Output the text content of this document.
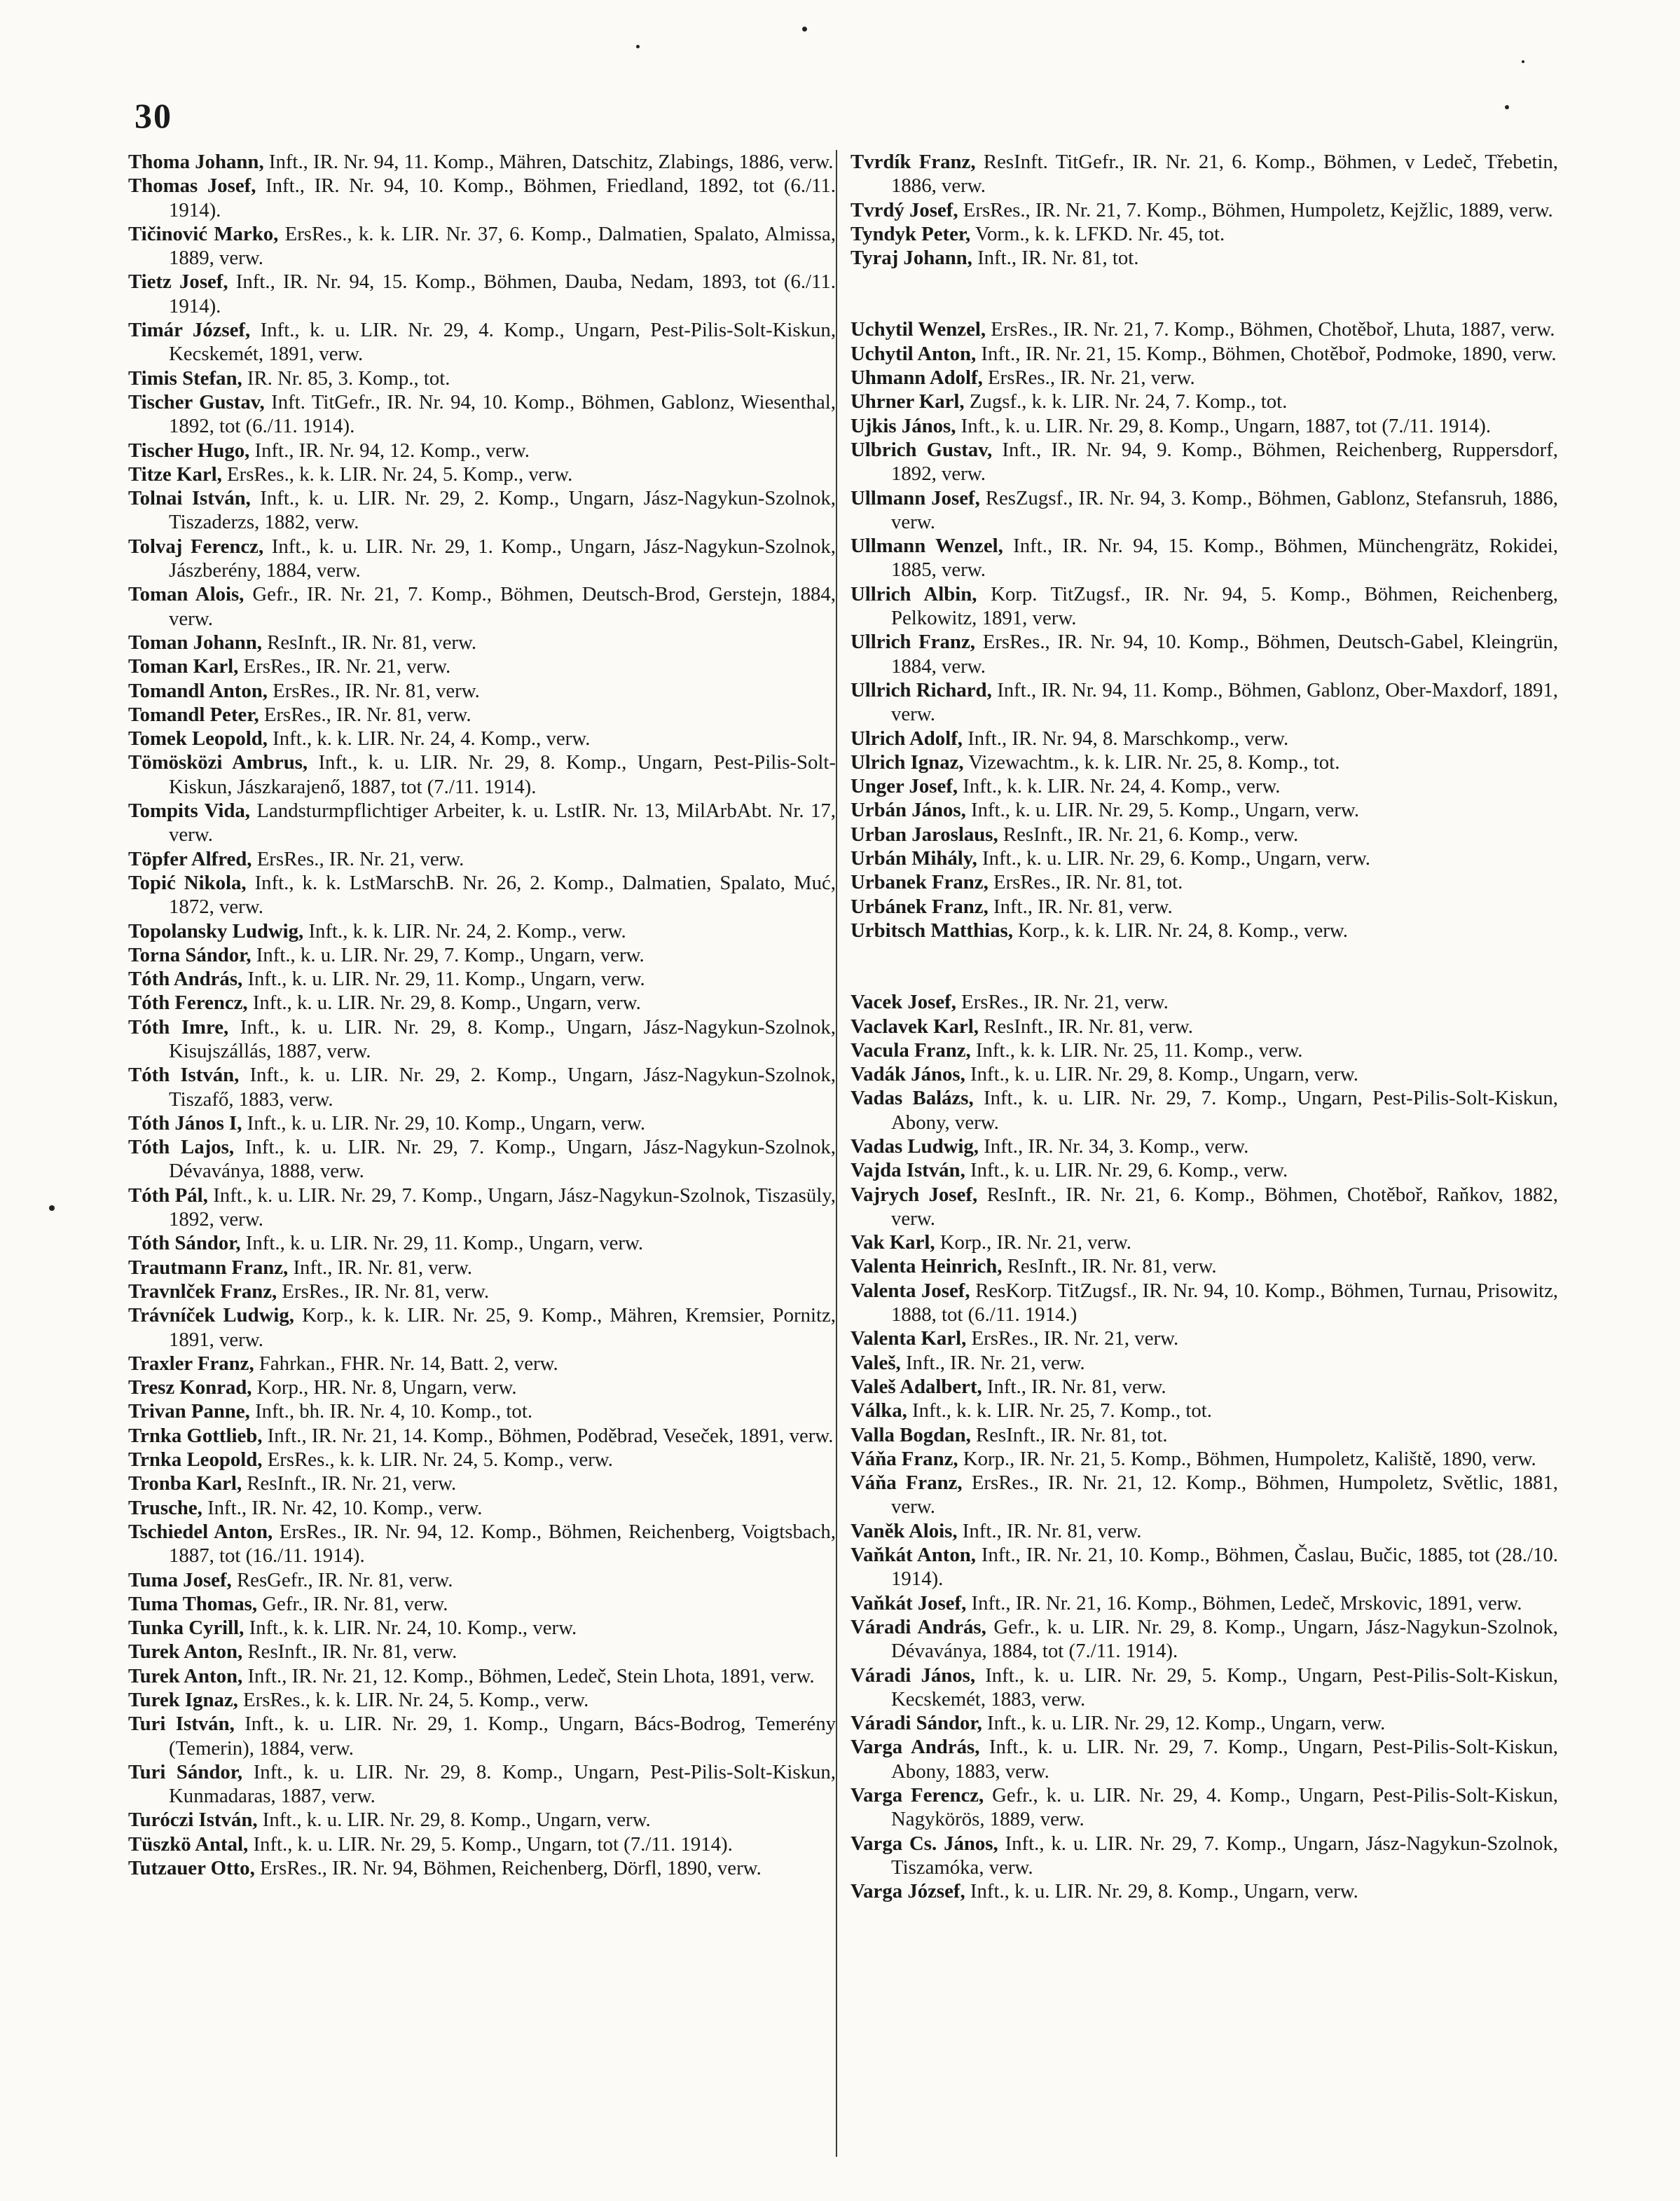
30
Thoma Johann, Inft., IR. Nr. 94, 11. Komp., Mähren, Datschitz, Zlabings, 1886, verw.
Thomas Josef, Inft., IR. Nr. 94, 10. Komp., Böhmen, Friedland, 1892, tot (6./11. 1914).
Tičinović Marko, ErsRes., k. k. LIR. Nr. 37, 6. Komp., Dalmatien, Spalato, Almissa, 1889, verw.
Tietz Josef, Inft., IR. Nr. 94, 15. Komp., Böhmen, Dauba, Nedam, 1893, tot (6./11. 1914).
Timár József, Inft., k. u. LIR. Nr. 29, 4. Komp., Ungarn, Pest-Pilis-Solt-Kiskun, Kecskemét, 1891, verw.
Timis Stefan, IR. Nr. 85, 3. Komp., tot.
Tischer Gustav, Inft. TitGefr., IR. Nr. 94, 10. Komp., Böhmen, Gablonz, Wiesenthal, 1892, tot (6./11. 1914).
Tischer Hugo, Inft., IR. Nr. 94, 12. Komp., verw.
Titze Karl, ErsRes., k. k. LIR. Nr. 24, 5. Komp., verw.
Tolnai István, Inft., k. u. LIR. Nr. 29, 2. Komp., Ungarn, Jász-Nagykun-Szolnok, Tiszaderzs, 1882, verw.
Tolvaj Ferencz, Inft., k. u. LIR. Nr. 29, 1. Komp., Ungarn, Jász-Nagykun-Szolnok, Jászberény, 1884, verw.
Toman Alois, Gefr., IR. Nr. 21, 7. Komp., Böhmen, Deutsch-Brod, Gerstejn, 1884, verw.
Toman Johann, ResInft., IR. Nr. 81, verw.
Toman Karl, ErsRes., IR. Nr. 21, verw.
Tomandl Anton, ErsRes., IR. Nr. 81, verw.
Tomandl Peter, ErsRes., IR. Nr. 81, verw.
Tomek Leopold, Inft., k. k. LIR. Nr. 24, 4. Komp., verw.
Tömösközi Ambrus, Inft., k. u. LIR. Nr. 29, 8. Komp., Ungarn, Pest-Pilis-Solt-Kiskun, Jászkarajenő, 1887, tot (7./11. 1914).
Tompits Vida, Landsturmpflichtiger Arbeiter, k. u. LstIR. Nr. 13, MilArbAbt. Nr. 17, verw.
Töpfer Alfred, ErsRes., IR. Nr. 21, verw.
Topić Nikola, Inft., k. k. LstMarschB. Nr. 26, 2. Komp., Dalmatien, Spalato, Muć, 1872, verw.
Topolansky Ludwig, Inft., k. k. LIR. Nr. 24, 2. Komp., verw.
Torna Sándor, Inft., k. u. LIR. Nr. 29, 7. Komp., Ungarn, verw.
Tóth András, Inft., k. u. LIR. Nr. 29, 11. Komp., Ungarn, verw.
Tóth Ferencz, Inft., k. u. LIR. Nr. 29, 8. Komp., Ungarn, verw.
Tóth Imre, Inft., k. u. LIR. Nr. 29, 8. Komp., Ungarn, Jász-Nagykun-Szolnok, Kisujszállás, 1887, verw.
Tóth István, Inft., k. u. LIR. Nr. 29, 2. Komp., Ungarn, Jász-Nagykun-Szolnok, Tiszafő, 1883, verw.
Tóth János I, Inft., k. u. LIR. Nr. 29, 10. Komp., Ungarn, verw.
Tóth Lajos, Inft., k. u. LIR. Nr. 29, 7. Komp., Ungarn, Jász-Nagykun-Szolnok, Dévaványa, 1888, verw.
Tóth Pál, Inft., k. u. LIR. Nr. 29, 7. Komp., Ungarn, Jász-Nagykun-Szolnok, Tiszasüly, 1892, verw.
Tóth Sándor, Inft., k. u. LIR. Nr. 29, 11. Komp., Ungarn, verw.
Trautmann Franz, Inft., IR. Nr. 81, verw.
Travnlček Franz, ErsRes., IR. Nr. 81, verw.
Trávníček Ludwig, Korp., k. k. LIR. Nr. 25, 9. Komp., Mähren, Kremsier, Pornitz, 1891, verw.
Traxler Franz, Fahrkan., FHR. Nr. 14, Batt. 2, verw.
Tresz Konrad, Korp., HR. Nr. 8, Ungarn, verw.
Trivan Panne, Inft., bh. IR. Nr. 4, 10. Komp., tot.
Trnka Gottlieb, Inft., IR. Nr. 21, 14. Komp., Böhmen, Poděbrad, Veseček, 1891, verw.
Trnka Leopold, ErsRes., k. k. LIR. Nr. 24, 5. Komp., verw.
Tronba Karl, ResInft., IR. Nr. 21, verw.
Trusche, Inft., IR. Nr. 42, 10. Komp., verw.
Tschiedel Anton, ErsRes., IR. Nr. 94, 12. Komp., Böhmen, Reichenberg, Voigtsbach, 1887, tot (16./11. 1914).
Tuma Josef, ResGefr., IR. Nr. 81, verw.
Tuma Thomas, Gefr., IR. Nr. 81, verw.
Tunka Cyrill, Inft., k. k. LIR. Nr. 24, 10. Komp., verw.
Turek Anton, ResInft., IR. Nr. 81, verw.
Turek Anton, Inft., IR. Nr. 21, 12. Komp., Böhmen, Ledeč, Stein Lhota, 1891, verw.
Turek Ignaz, ErsRes., k. k. LIR. Nr. 24, 5. Komp., verw.
Turi István, Inft., k. u. LIR. Nr. 29, 1. Komp., Ungarn, Bács-Bodrog, Temerény (Temerin), 1884, verw.
Turi Sándor, Inft., k. u. LIR. Nr. 29, 8. Komp., Ungarn, Pest-Pilis-Solt-Kiskun, Kunmadaras, 1887, verw.
Turóczi István, Inft., k. u. LIR. Nr. 29, 8. Komp., Ungarn, verw.
Tüszkö Antal, Inft., k. u. LIR. Nr. 29, 5. Komp., Ungarn, tot (7./11. 1914).
Tutzauer Otto, ErsRes., IR. Nr. 94, Böhmen, Reichenberg, Dörfl, 1890, verw.
Tvrdík Franz, ResInft. TitGefr., IR. Nr. 21, 6. Komp., Böhmen, v Ledeč, Třebetin, 1886, verw.
Tvrdý Josef, ErsRes., IR. Nr. 21, 7. Komp., Böhmen, Humpoletz, Kejžlic, 1889, verw.
Tyndyk Peter, Vorm., k. k. LFKD. Nr. 45, tot.
Tyraj Johann, Inft., IR. Nr. 81, tot.
Uchytil Wenzel, ErsRes., IR. Nr. 21, 7. Komp., Böhmen, Chotěboř, Lhuta, 1887, verw.
Uchytil Anton, Inft., IR. Nr. 21, 15. Komp., Böhmen, Chotěboř, Podmoke, 1890, verw.
Uhmann Adolf, ErsRes., IR. Nr. 21, verw.
Uhrner Karl, Zugsf., k. k. LIR. Nr. 24, 7. Komp., tot.
Ujkis János, Inft., k. u. LIR. Nr. 29, 8. Komp., Ungarn, 1887, tot (7./11. 1914).
Ulbrich Gustav, Inft., IR. Nr. 94, 9. Komp., Böhmen, Reichenberg, Ruppersdorf, 1892, verw.
Ullmann Josef, ResZugsf., IR. Nr. 94, 3. Komp., Böhmen, Gablonz, Stefansruh, 1886, verw.
Ullmann Wenzel, Inft., IR. Nr. 94, 15. Komp., Böhmen, Münchengrätz, Rokidei, 1885, verw.
Ullrich Albin, Korp. TitZugsf., IR. Nr. 94, 5. Komp., Böhmen, Reichenberg, Pelkowitz, 1891, verw.
Ullrich Franz, ErsRes., IR. Nr. 94, 10. Komp., Böhmen, Deutsch-Gabel, Kleingrün, 1884, verw.
Ullrich Richard, Inft., IR. Nr. 94, 11. Komp., Böhmen, Gablonz, Ober-Maxdorf, 1891, verw.
Ulrich Adolf, Inft., IR. Nr. 94, 8. Marschkomp., verw.
Ulrich Ignaz, Vizewachtm., k. k. LIR. Nr. 25, 8. Komp., tot.
Unger Josef, Inft., k. k. LIR. Nr. 24, 4. Komp., verw.
Urbán János, Inft., k. u. LIR. Nr. 29, 5. Komp., Ungarn, verw.
Urban Jaroslaus, ResInft., IR. Nr. 21, 6. Komp., verw.
Urbán Mihály, Inft., k. u. LIR. Nr. 29, 6. Komp., Ungarn, verw.
Urbanek Franz, ErsRes., IR. Nr. 81, tot.
Urbánek Franz, Inft., IR. Nr. 81, verw.
Urbitsch Matthias, Korp., k. k. LIR. Nr. 24, 8. Komp., verw.
Vacek Josef, ErsRes., IR. Nr. 21, verw.
Vaclavek Karl, ResInft., IR. Nr. 81, verw.
Vacula Franz, Inft., k. k. LIR. Nr. 25, 11. Komp., verw.
Vadák János, Inft., k. u. LIR. Nr. 29, 8. Komp., Ungarn, verw.
Vadas Balázs, Inft., k. u. LIR. Nr. 29, 7. Komp., Ungarn, Pest-Pilis-Solt-Kiskun, Abony, verw.
Vadas Ludwig, Inft., IR. Nr. 34, 3. Komp., verw.
Vajda István, Inft., k. u. LIR. Nr. 29, 6. Komp., verw.
Vajrych Josef, ResInft., IR. Nr. 21, 6. Komp., Böhmen, Chotěboř, Raňkov, 1882, verw.
Vak Karl, Korp., IR. Nr. 21, verw.
Valenta Heinrich, ResInft., IR. Nr. 81, verw.
Valenta Josef, ResKorp. TitZugsf., IR. Nr. 94, 10. Komp., Böhmen, Turnau, Prisowitz, 1888, tot (6./11. 1914.)
Valenta Karl, ErsRes., IR. Nr. 21, verw.
Valeš, Inft., IR. Nr. 21, verw.
Valeš Adalbert, Inft., IR. Nr. 81, verw.
Válka, Inft., k. k. LIR. Nr. 25, 7. Komp., tot.
Valla Bogdan, ResInft., IR. Nr. 81, tot.
Váňa Franz, Korp., IR. Nr. 21, 5. Komp., Böhmen, Humpoletz, Kaliště, 1890, verw.
Váňa Franz, ErsRes., IR. Nr. 21, 12. Komp., Böhmen, Humpoletz, Světlic, 1881, verw.
Vaněk Alois, Inft., IR. Nr. 81, verw.
Vaňkát Anton, Inft., IR. Nr. 21, 10. Komp., Böhmen, Časlau, Bučic, 1885, tot (28./10. 1914).
Vaňkát Josef, Inft., IR. Nr. 21, 16. Komp., Böhmen, Ledeč, Mrskovic, 1891, verw.
Váradi András, Gefr., k. u. LIR. Nr. 29, 8. Komp., Ungarn, Jász-Nagykun-Szolnok, Dévaványa, 1884, tot (7./11. 1914).
Váradi János, Inft., k. u. LIR. Nr. 29, 5. Komp., Ungarn, Pest-Pilis-Solt-Kiskun, Kecskemét, 1883, verw.
Váradi Sándor, Inft., k. u. LIR. Nr. 29, 12. Komp., Ungarn, verw.
Varga András, Inft., k. u. LIR. Nr. 29, 7. Komp., Ungarn, Pest-Pilis-Solt-Kiskun, Abony, 1883, verw.
Varga Ferencz, Gefr., k. u. LIR. Nr. 29, 4. Komp., Ungarn, Pest-Pilis-Solt-Kiskun, Nagykörös, 1889, verw.
Varga Cs. János, Inft., k. u. LIR. Nr. 29, 7. Komp., Ungarn, Jász-Nagykun-Szolnok, Tiszamóka, verw.
Varga József, Inft., k. u. LIR. Nr. 29, 8. Komp., Ungarn, verw.
